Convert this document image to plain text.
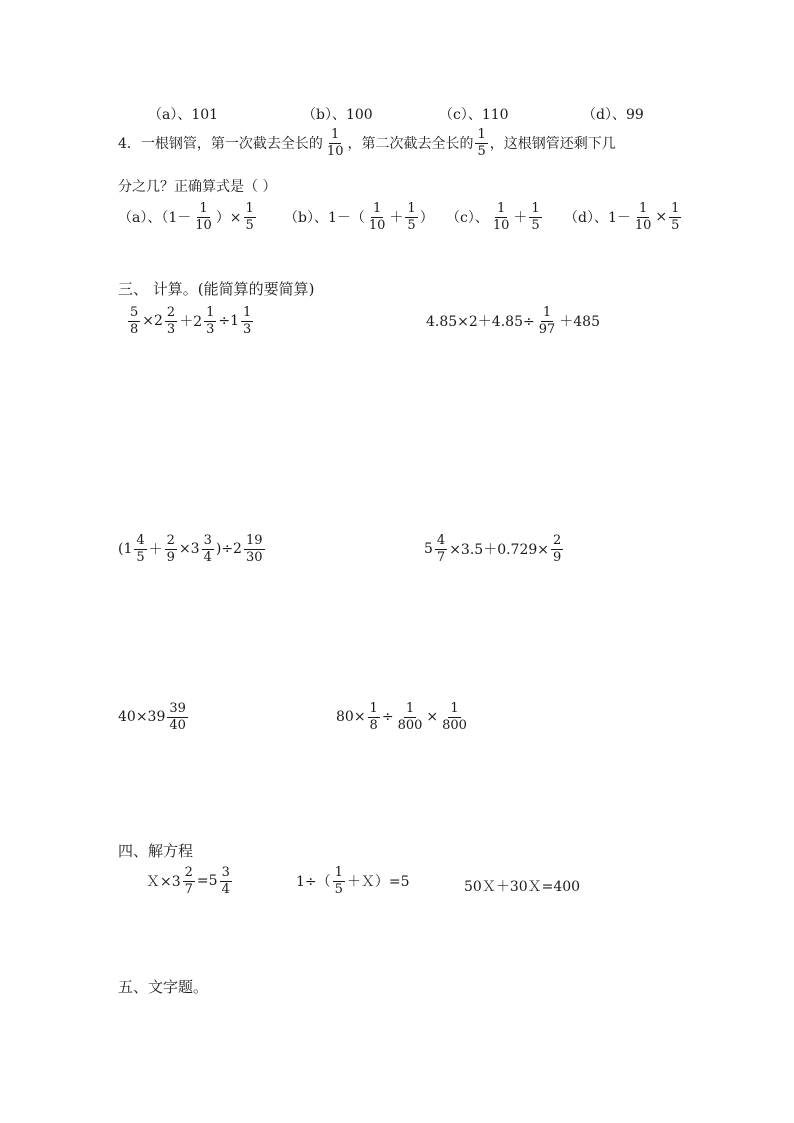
（a）、101	（b）、100	（c）、110	（d）、99
4．一根钢管，第一次截去全长的 $\frac{1}{10}$ ，第二次截去全长的 $\frac{1}{5}$ ，这根钢管还剩下几
分之几？正确算式是（ ）
（a）、（$1- \frac{1}{10}$ ）× $\frac{1}{5} (b)$、$1-( \frac{1}{10} + \frac{1}{5}$ ） （c）、 $\frac{1}{10} + \frac{1}{5} (d)$、$1- \frac{1}{10} \times \frac{1}{5}$
三、 计算。(能简算的要简算)
$\frac{5}{8} \times 2 \frac{2}{3} +2 \frac{1}{3} \div 1 \frac{1}{3}$	$4.85\times 2+4.85\div \frac{1}{97} +485$
$(1 \frac{4}{5} + \frac{2}{9} \times 3 \frac{3}{4} )\div 2 \frac{19}{30}$	$5 \frac{4}{7} \times 3.5+0.729\times \frac{2}{9}$
$40\times 39 \frac{39}{40}$	$80\times \frac{1}{8} \div \frac{1}{800} \times \frac{1}{800}$
四、解方程
Ｘ×3 $\frac{2}{7} =5 \frac{3}{4}$	$1\div( \frac{1}{5}$ ＋Ｘ）=5	50Ｘ＋30Ｘ=400
五、文字题。
